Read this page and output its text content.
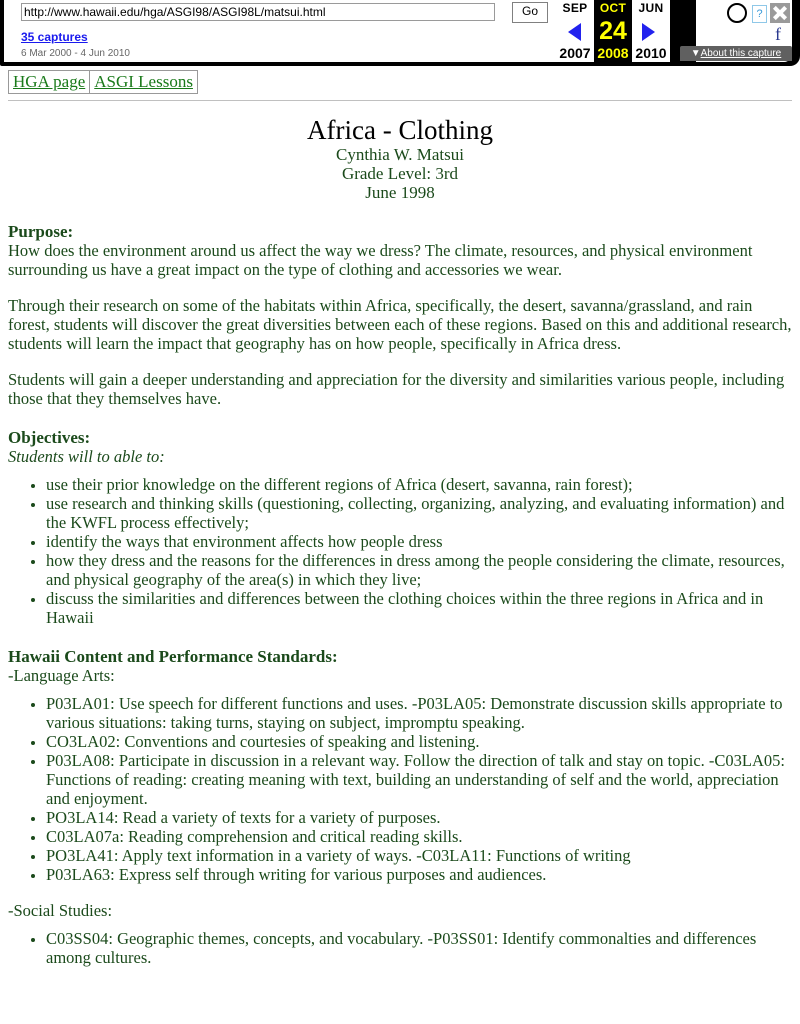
http://www.hawaii.edu/hga/ASGI98/ASGI98L/matsui.html
Go
35 captures
6 Mar 2000 - 4 Jun 2010
SEP
2007
OCT
24
2008
JUN
2010
?
f
▼About this capture
HGA page	ASGI Lessons
Africa - Clothing
Cynthia W. Matsui
Grade Level: 3rd
June 1998
Purpose:

How does the environment around us affect the way we dress? The climate, resources, and physical environment surrounding us have a great impact on the type of clothing and accessories we wear.

Through their research on some of the habitats within Africa, specifically, the desert, savanna/grassland, and rain forest, students will discover the great diversities between each of these regions. Based on this and additional research, students will learn the impact that geography has on how people, specifically in Africa dress.

Students will gain a deeper understanding and appreciation for the diversity and similarities various people, including those that they themselves have.

Objectives:

Students will to able to:

• use their prior knowledge on the different regions of Africa (desert, savanna, rain forest);
• use research and thinking skills (questioning, collecting, organizing, analyzing, and evaluating information) and the KWFL process effectively;
• identify the ways that environment affects how people dress
• how they dress and the reasons for the differences in dress among the people considering the climate, resources, and physical geography of the area(s) in which they live;
• discuss the similarities and differences between the clothing choices within the three regions in Africa and in Hawaii
Hawaii Content and Performance Standards:

-Language Arts:

• P03LA01: Use speech for different functions and uses. -P03LA05: Demonstrate discussion skills appropriate to various situations: taking turns, staying on subject, impromptu speaking.
• CO3LA02: Conventions and courtesies of speaking and listening.
• P03LA08: Participate in discussion in a relevant way. Follow the direction of talk and stay on topic. -C03LA05: Functions of reading: creating meaning with text, building an understanding of self and the world, appreciation and enjoyment.
• PO3LA14: Read a variety of texts for a variety of purposes.
• C03LA07a: Reading comprehension and critical reading skills.
• PO3LA41: Apply text information in a variety of ways. -C03LA11: Functions of writing
• P03LA63: Express self through writing for various purposes and audiences.

-Social Studies:

• C03SS04: Geographic themes, concepts, and vocabulary. -P03SS01: Identify commonalties and differences among cultures.
